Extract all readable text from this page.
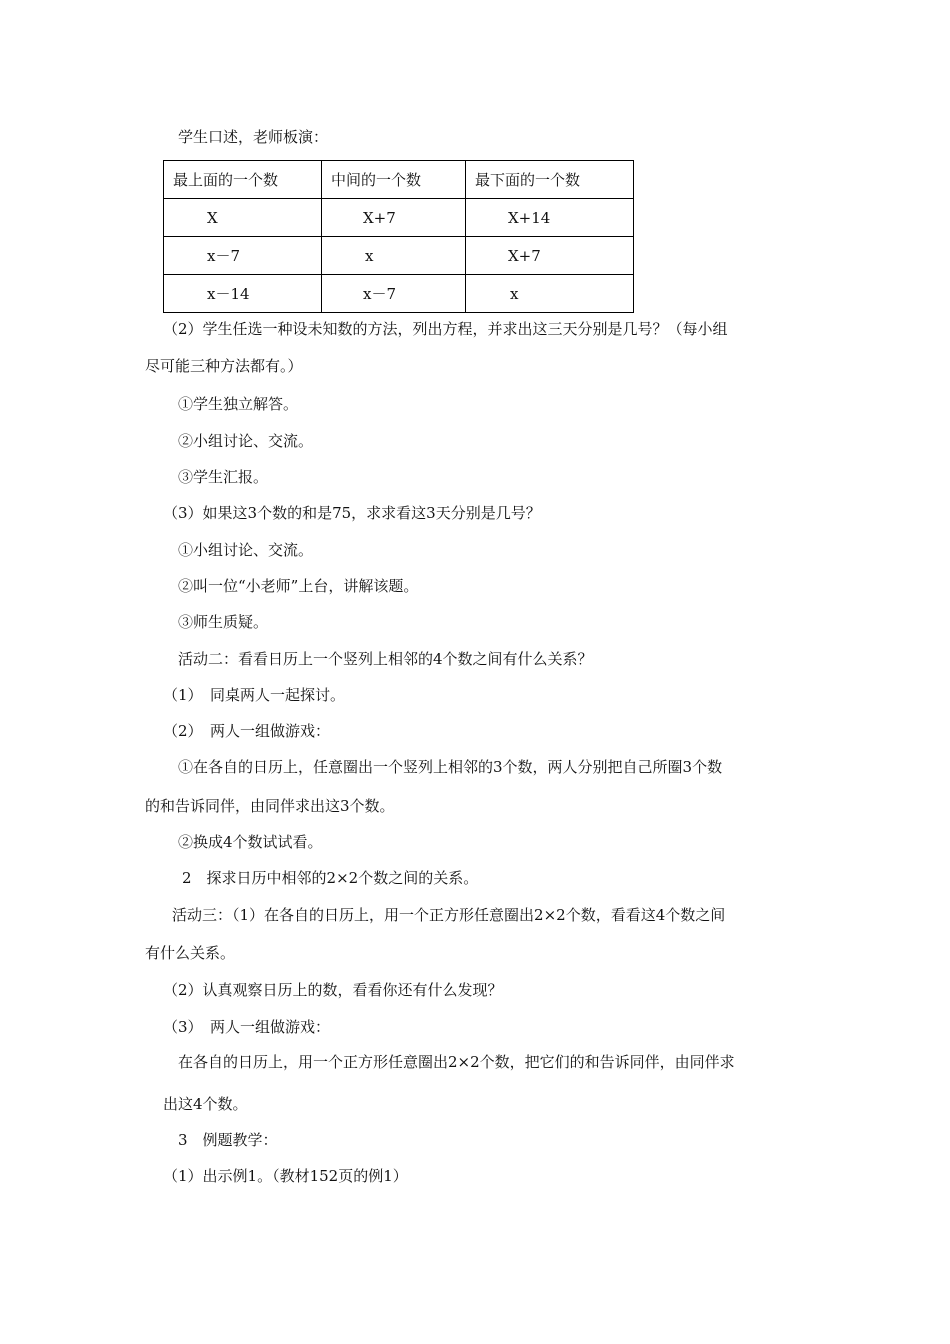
学生口述，老师板演：
最上面的一个数	中间的一个数	最下面的一个数
X	X+7	X+14
x－7	x	X+7
x－14	x－7	x
（2）学生任选一种设未知数的方法，列出方程，并求出这三天分别是几号？（每小组
尽可能三种方法都有。）
①学生独立解答。
②小组讨论、交流。
③学生汇报。
（3）如果这3个数的和是75，求求看这3天分别是几号？
①小组讨论、交流。
②叫一位“小老师”上台，讲解该题。
③师生质疑。
活动二：看看日历上一个竖列上相邻的4个数之间有什么关系？
（1）　同桌两人一起探讨。
（2）　两人一组做游戏：
①在各自的日历上，任意圈出一个竖列上相邻的3个数，两人分别把自己所圈3个数
的和告诉同伴，由同伴求出这3个数。
②换成4个数试试看。
2　探求日历中相邻的2×2个数之间的关系。
活动三：（1）在各自的日历上，用一个正方形任意圈出2×2个数，看看这4个数之间
有什么关系。
（2）认真观察日历上的数，看看你还有什么发现？
（3）　两人一组做游戏：
在各自的日历上，用一个正方形任意圈出2×2个数，把它们的和告诉同伴，由同伴求
出这4个数。
3　例题教学：
（1）出示例1。（教材152页的例1）
